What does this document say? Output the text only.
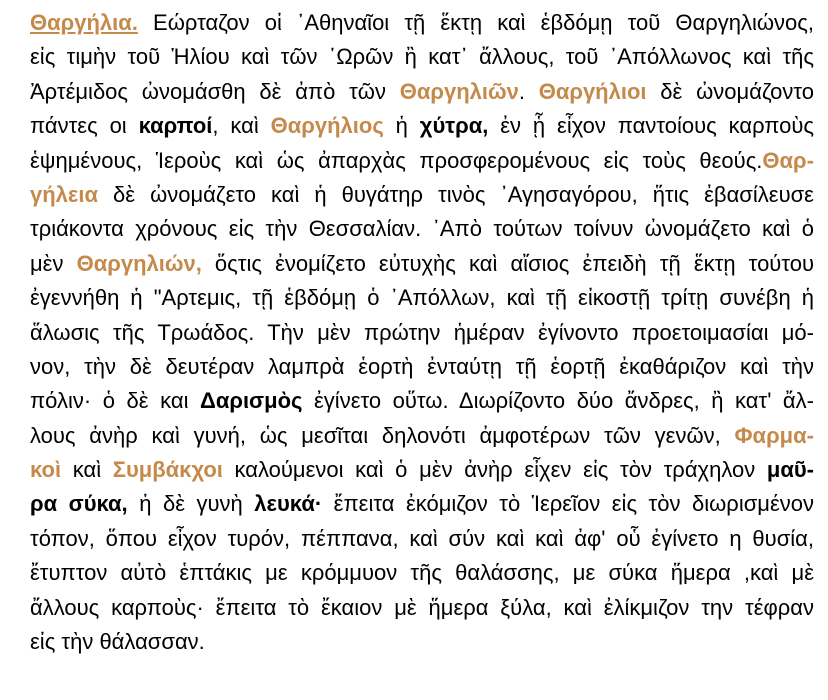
Θαργήλια. Εώρταζον οἱ ᾿Αθηναῖοι τῇ ἕκτῃ καὶ ἑβδόμῃ τοῦ Θαργηλιώνος,
εἰς τιμὴν τοῦ Ἡλίου καὶ τῶν ῾Ωρῶν ἢ κατ᾽ ἄλλους, τοῦ ᾿Απόλλωνος καὶ τῆς
Ἀρτέμιδος ὠνομάσθη δὲ ἀπὸ τῶν Θαργηλιῶν. Θαργήλιοι δὲ ὠνομάζοντο
πάντες οι καρποί, καὶ Θαργήλιος ἡ χύτρα, ἐν ᾗ εἶχον παντοίους καρποὺς
ἑψημένους, Ἱεροὺς καὶ ὡς ἀπαρχὰς προσφερομένους εἰς τοὺς θεούς.Θαρ-
γήλεια δὲ ὠνομάζετο καὶ ἡ θυγάτηρ τινὸς ᾿Αγησαγόρου, ἥτις ἐβασίλευσε
τριάκοντα χρόνους εἰς τὴν Θεσσαλίαν. ᾿Απὸ τούτων τοίνυν ὠνομάζετο καὶ ὁ
μὲν Θαργηλιών, ὅςτις ἐνομίζετο εὐτυχὴς καὶ αἴσιος ἐπειδὴ τῇ ἕκτῃ τούτου
ἐγεννήθη ἡ "Αρτεμις, τῇ ἑβδόμῃ ὁ ᾿Απόλλων, καὶ τῇ εἰκοστῇ τρίτῃ συνέβη ἡ
ἅλωσις τῆς Τρωάδος. Τὴν μὲν πρώτην ἡμέραν ἐγίνοντο προετοιμασίαι μό-
νον, τὴν δὲ δευτέραν λαμπρὰ ἑορτὴ ἐνταύτῃ τῇ ἑορτῇ ἐκαθάριζον καὶ τὴν
πόλιν· ὁ δὲ και Δαρισμὸς ἐγίνετο οὕτω. Διωρίζοντο δύο ἄνδρες, ἢ κατ' ἄλ-
λους ἀνὴρ καὶ γυνή, ὡς μεσῖται δηλονότι ἀμφοτέρων τῶν γενῶν, Φαρμα-
κοὶ καὶ Συμβάκχοι καλούμενοι καὶ ὁ μὲν ἀνὴρ εἶχεν εἰς τὸν τράχηλον μαῦ-
ρα σύκα, ἡ δὲ γυνὴ λευκά· ἔπειτα ἐκόμιζον τὸ Ἱερεῖον εἰς τὸν διωρισμένον
τόπον, ὅπου εἶχον τυρόν, πέππανα, καὶ σύν καὶ καὶ ἀφ' οὗ ἐγίνετο η θυσία,
ἔτυπτον αὐτὸ ἑπτάκις με κρόμμυον τῆς θαλάσσης, με σύκα ἥμερα ,καὶ μὲ
ἄλλους καρποὺς· ἔπειτα τὸ ἔκαιον μὲ ἥμερα ξύλα, καὶ ἐλίκμιζον την τέφραν
εἰς τὴν θάλασσαν.
